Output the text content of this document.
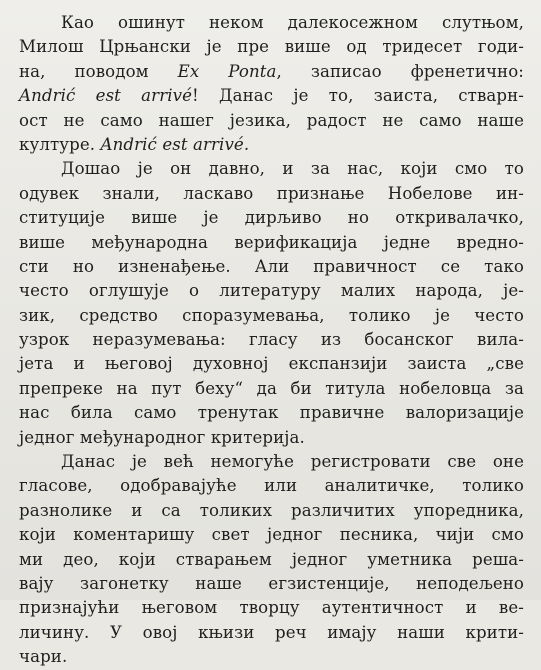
Као ошинут неком далекосежном слутњом,
Милош Црњански је пре више од тридесет годи-
на, поводом Ex Ponta, записао френетично:
Andrić est arrivé! Данас је то, заиста, стварн-
ост не само нашег језика, радост не само наше
културе. Andrić est arrivé.
Дошао је он давно, и за нас, који смо то
одувек знали, ласкаво признање Нобелове ин-
ституције више је дирљиво но откривалачко,
више међународна верификација једне вредно-
сти но изненађење. Али правичност се тако
често оглушује о литературу малих народа, је-
зик, средство споразумевања, толико је често
узрок неразумевања: гласу из босанског вила-
јета и његовој духовној експанзији заиста „све
препреке на пут беху“ да би титула нобеловца за
нас била само тренутак правичне валоризације
једног међународног критерија.
Данас је већ немогуће регистровати све оне
гласове, одобравајуће или аналитичке, толико
разнолике и са толиких различитих упоредника,
који коментаришу свет једног песника, чији смо
ми део, који стварањем једног уметника реша-
вају загонетку наше егзистенције, неподељено
признајући његовом творцу аутентичност и ве-
личину. У овој књизи реч имају наши крити-
чари.
